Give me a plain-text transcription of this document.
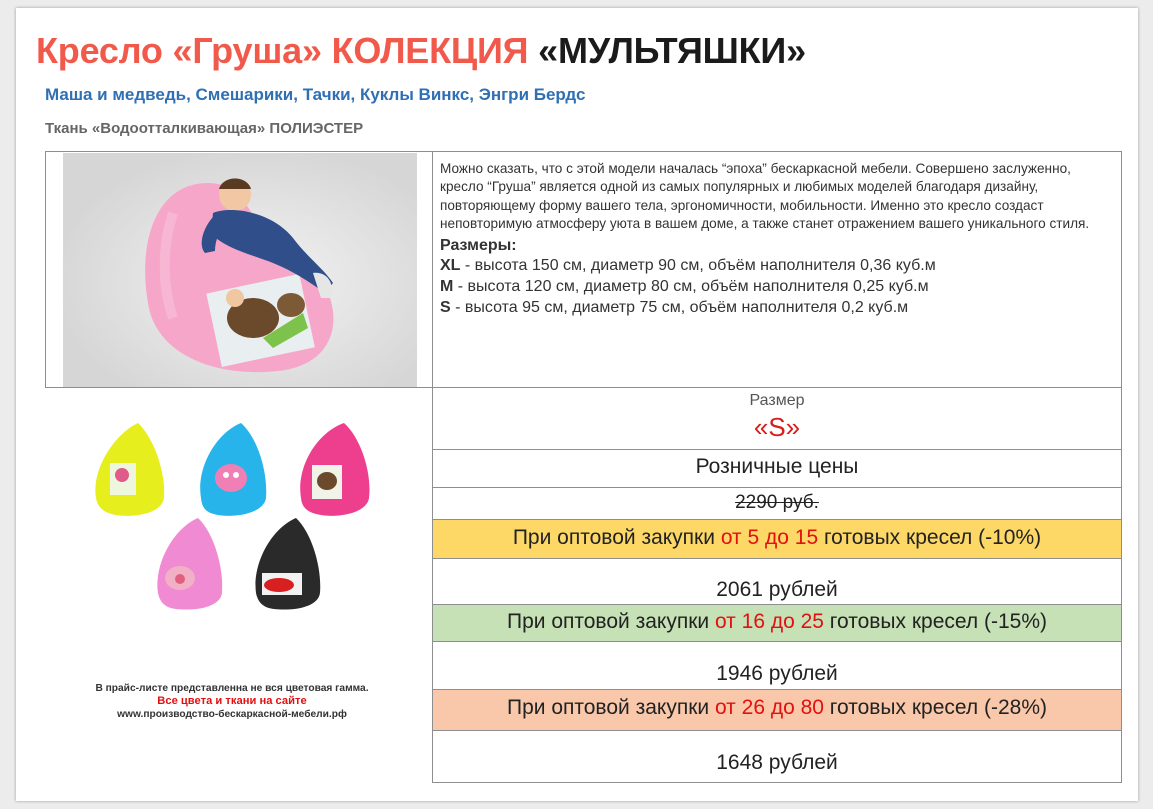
Кресло «Груша» КОЛЕКЦИЯ «МУЛЬТЯШКИ»
Маша и медведь, Смешарики, Тачки, Куклы Винкс, Энгри Бердс
Ткань «Водоотталкивающая» ПОЛИЭСТЕР

Можно сказать, что с этой модели началась “эпоха” бескаркасной мебели. Совершено заслуженно, кресло “Груша” является одной из самых популярных и любимых моделей благодаря дизайну, повторяющему форму вашего тела, эргономичности, мобильности. Именно это кресло создаст неповторимую атмосферу уюта в вашем доме, а также станет отражением вашего уникального стиля.

Размеры:
XL - высота 150 см, диаметр 90 см, объём наполнителя 0,36 куб.м
M - высота 120 см, диаметр 80 см, объём наполнителя 0,25 куб.м
S - высота 95 см, диаметр 75 см, объём наполнителя 0,2 куб.м
В прайс-листе представленна не вся цветовая гамма.
Все цвета и ткани на сайте
www.производство-бескаркасной-мебели.рф
Размер
«S»
Розничные цены
2290 руб.
При оптовой закупки от 5 до 15 готовых кресел (-10%)
2061 рублей
При оптовой закупки от 16 до 25 готовых кресел (-15%)
1946 рублей
При оптовой закупки от 26 до 80 готовых кресел (-28%)
1648 рублей
